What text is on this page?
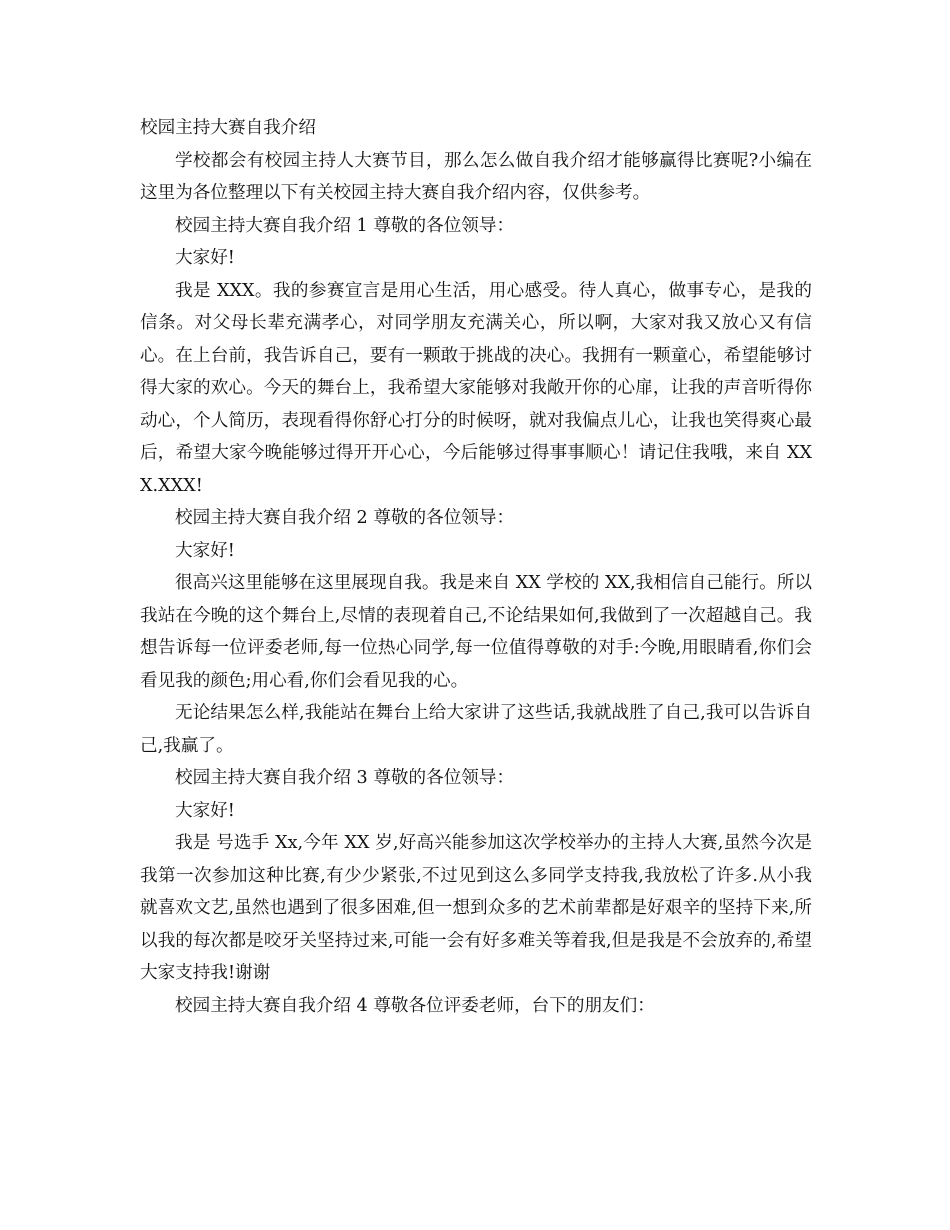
校园主持大赛自我介绍

学校都会有校园主持人大赛节目，那么怎么做自我介绍才能够赢得比赛呢?小编在这里为各位整理以下有关校园主持大赛自我介绍内容，仅供参考。

校园主持大赛自我介绍 1 尊敬的各位领导：

大家好!

我是 XXX。我的参赛宣言是用心生活，用心感受。待人真心，做事专心，是我的信条。对父母长辈充满孝心，对同学朋友充满关心，所以啊，大家对我又放心又有信心。在上台前，我告诉自己，要有一颗敢于挑战的决心。我拥有一颗童心，希望能够讨得大家的欢心。今天的舞台上，我希望大家能够对我敞开你的心扉，让我的声音听得你动心，个人简历，表现看得你舒心打分的时候呀，就对我偏点儿心，让我也笑得爽心最后，希望大家今晚能够过得开开心心，今后能够过得事事顺心！请记住我哦，来自 XXX.XXX!

校园主持大赛自我介绍 2 尊敬的各位领导：

大家好!

很高兴这里能够在这里展现自我。我是来自 XX 学校的 XX,我相信自己能行。所以我站在今晚的这个舞台上,尽情的表现着自己,不论结果如何,我做到了一次超越自己。我想告诉每一位评委老师,每一位热心同学,每一位值得尊敬的对手:今晚,用眼睛看,你们会看见我的颜色;用心看,你们会看见我的心。

无论结果怎么样,我能站在舞台上给大家讲了这些话,我就战胜了自己,我可以告诉自己,我赢了。

校园主持大赛自我介绍 3 尊敬的各位领导：

大家好!

我是 号选手 Xx,今年 XX 岁,好高兴能参加这次学校举办的主持人大赛,虽然今次是我第一次参加这种比赛,有少少紧张,不过见到这么多同学支持我,我放松了许多.从小我就喜欢文艺,虽然也遇到了很多困难,但一想到众多的艺术前辈都是好艰辛的坚持下来,所以我的每次都是咬牙关坚持过来,可能一会有好多难关等着我,但是我是不会放弃的,希望大家支持我!谢谢

校园主持大赛自我介绍 4 尊敬各位评委老师，台下的朋友们：
